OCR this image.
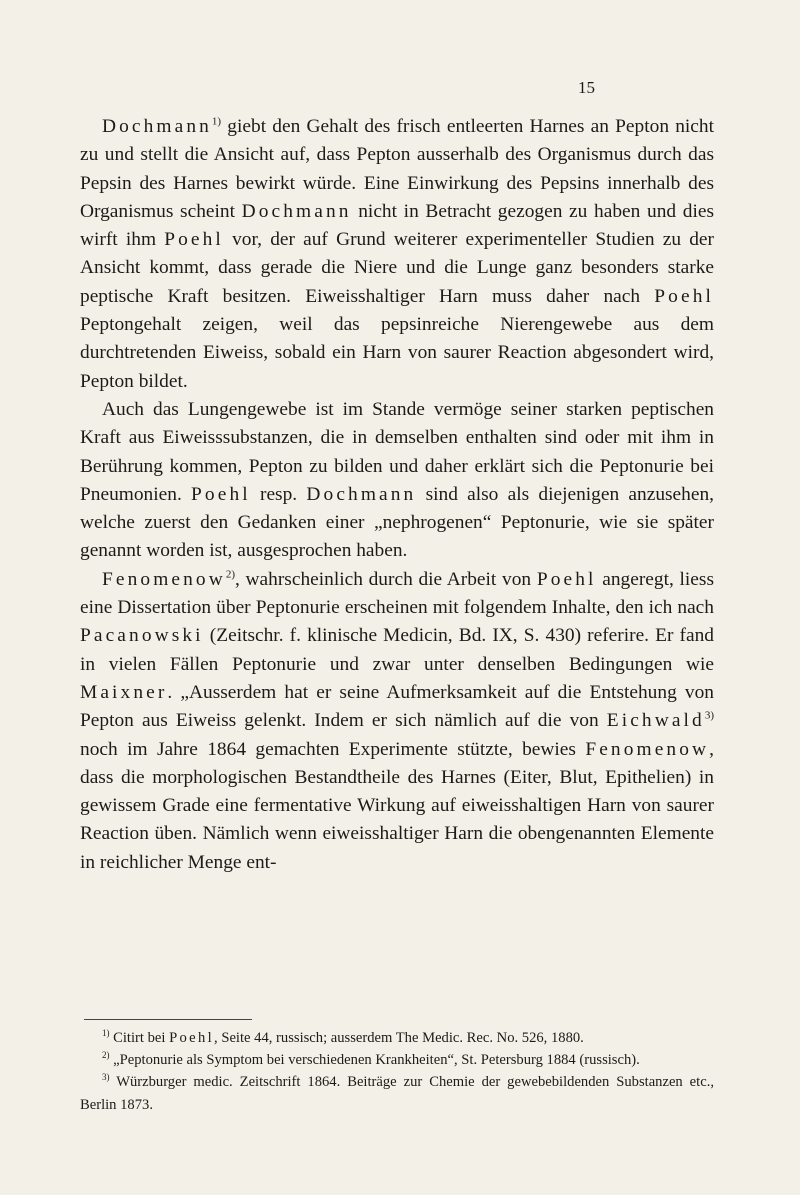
15

Dochmann$^{1)}$ giebt den Gehalt des frisch entleerten Harnes an Pepton nicht zu und stellt die Ansicht auf, dass Pepton ausserhalb des Organismus durch das Pepsin des Harnes bewirkt würde. Eine Einwirkung des Pepsins innerhalb des Organismus scheint Dochmann nicht in Betracht gezogen zu haben und dies wirft ihm Poehl vor, der auf Grund weiterer experimenteller Studien zu der Ansicht kommt, dass gerade die Niere und die Lunge ganz besonders starke peptische Kraft besitzen. Eiweisshaltiger Harn muss daher nach Poehl Peptongehalt zeigen, weil das pepsinreiche Nierengewebe aus dem durchtretenden Eiweiss, sobald ein Harn von saurer Reaction abgesondert wird, Pepton bildet.

Auch das Lungengewebe ist im Stande vermöge seiner starken peptischen Kraft aus Eiweisssubstanzen, die in demselben enthalten sind oder mit ihm in Berührung kommen, Pepton zu bilden und daher erklärt sich die Peptonurie bei Pneumonien. Poehl resp. Dochmann sind also als diejenigen anzusehen, welche zuerst den Gedanken einer „nephrogenen“ Peptonurie, wie sie später genannt worden ist, ausgesprochen haben.

Fenomenow$^{2)}$, wahrscheinlich durch die Arbeit von Poehl angeregt, liess eine Dissertation über Peptonurie erscheinen mit folgendem Inhalte, den ich nach Pacanowski (Zeitschr. f. klinische Medicin, Bd. IX, S. 430) referire. Er fand in vielen Fällen Peptonurie und zwar unter denselben Bedingungen wie Maixner. „Ausserdem hat er seine Aufmerksamkeit auf die Entstehung von Pepton aus Eiweiss gelenkt. Indem er sich nämlich auf die von Eichwald$^{3)}$ noch im Jahre 1864 gemachten Experimente stützte, bewies Fenomenow, dass die morphologischen Bestandtheile des Harnes (Eiter, Blut, Epithelien) in gewissem Grade eine fermentative Wirkung auf eiweisshaltigen Harn von saurer Reaction üben. Nämlich wenn eiweisshaltiger Harn die obengenannten Elemente in reichlicher Menge ent-

$^{1)}$ Citirt bei Poehl, Seite 44, russisch; ausserdem The Medic. Rec. No. 526, 1880.

$^{2)}$ „Peptonurie als Symptom bei verschiedenen Krankheiten“, St. Petersburg 1884 (russisch).

$^{3)}$ Würzburger medic. Zeitschrift 1864. Beiträge zur Chemie der gewebebildenden Substanzen etc., Berlin 1873.
